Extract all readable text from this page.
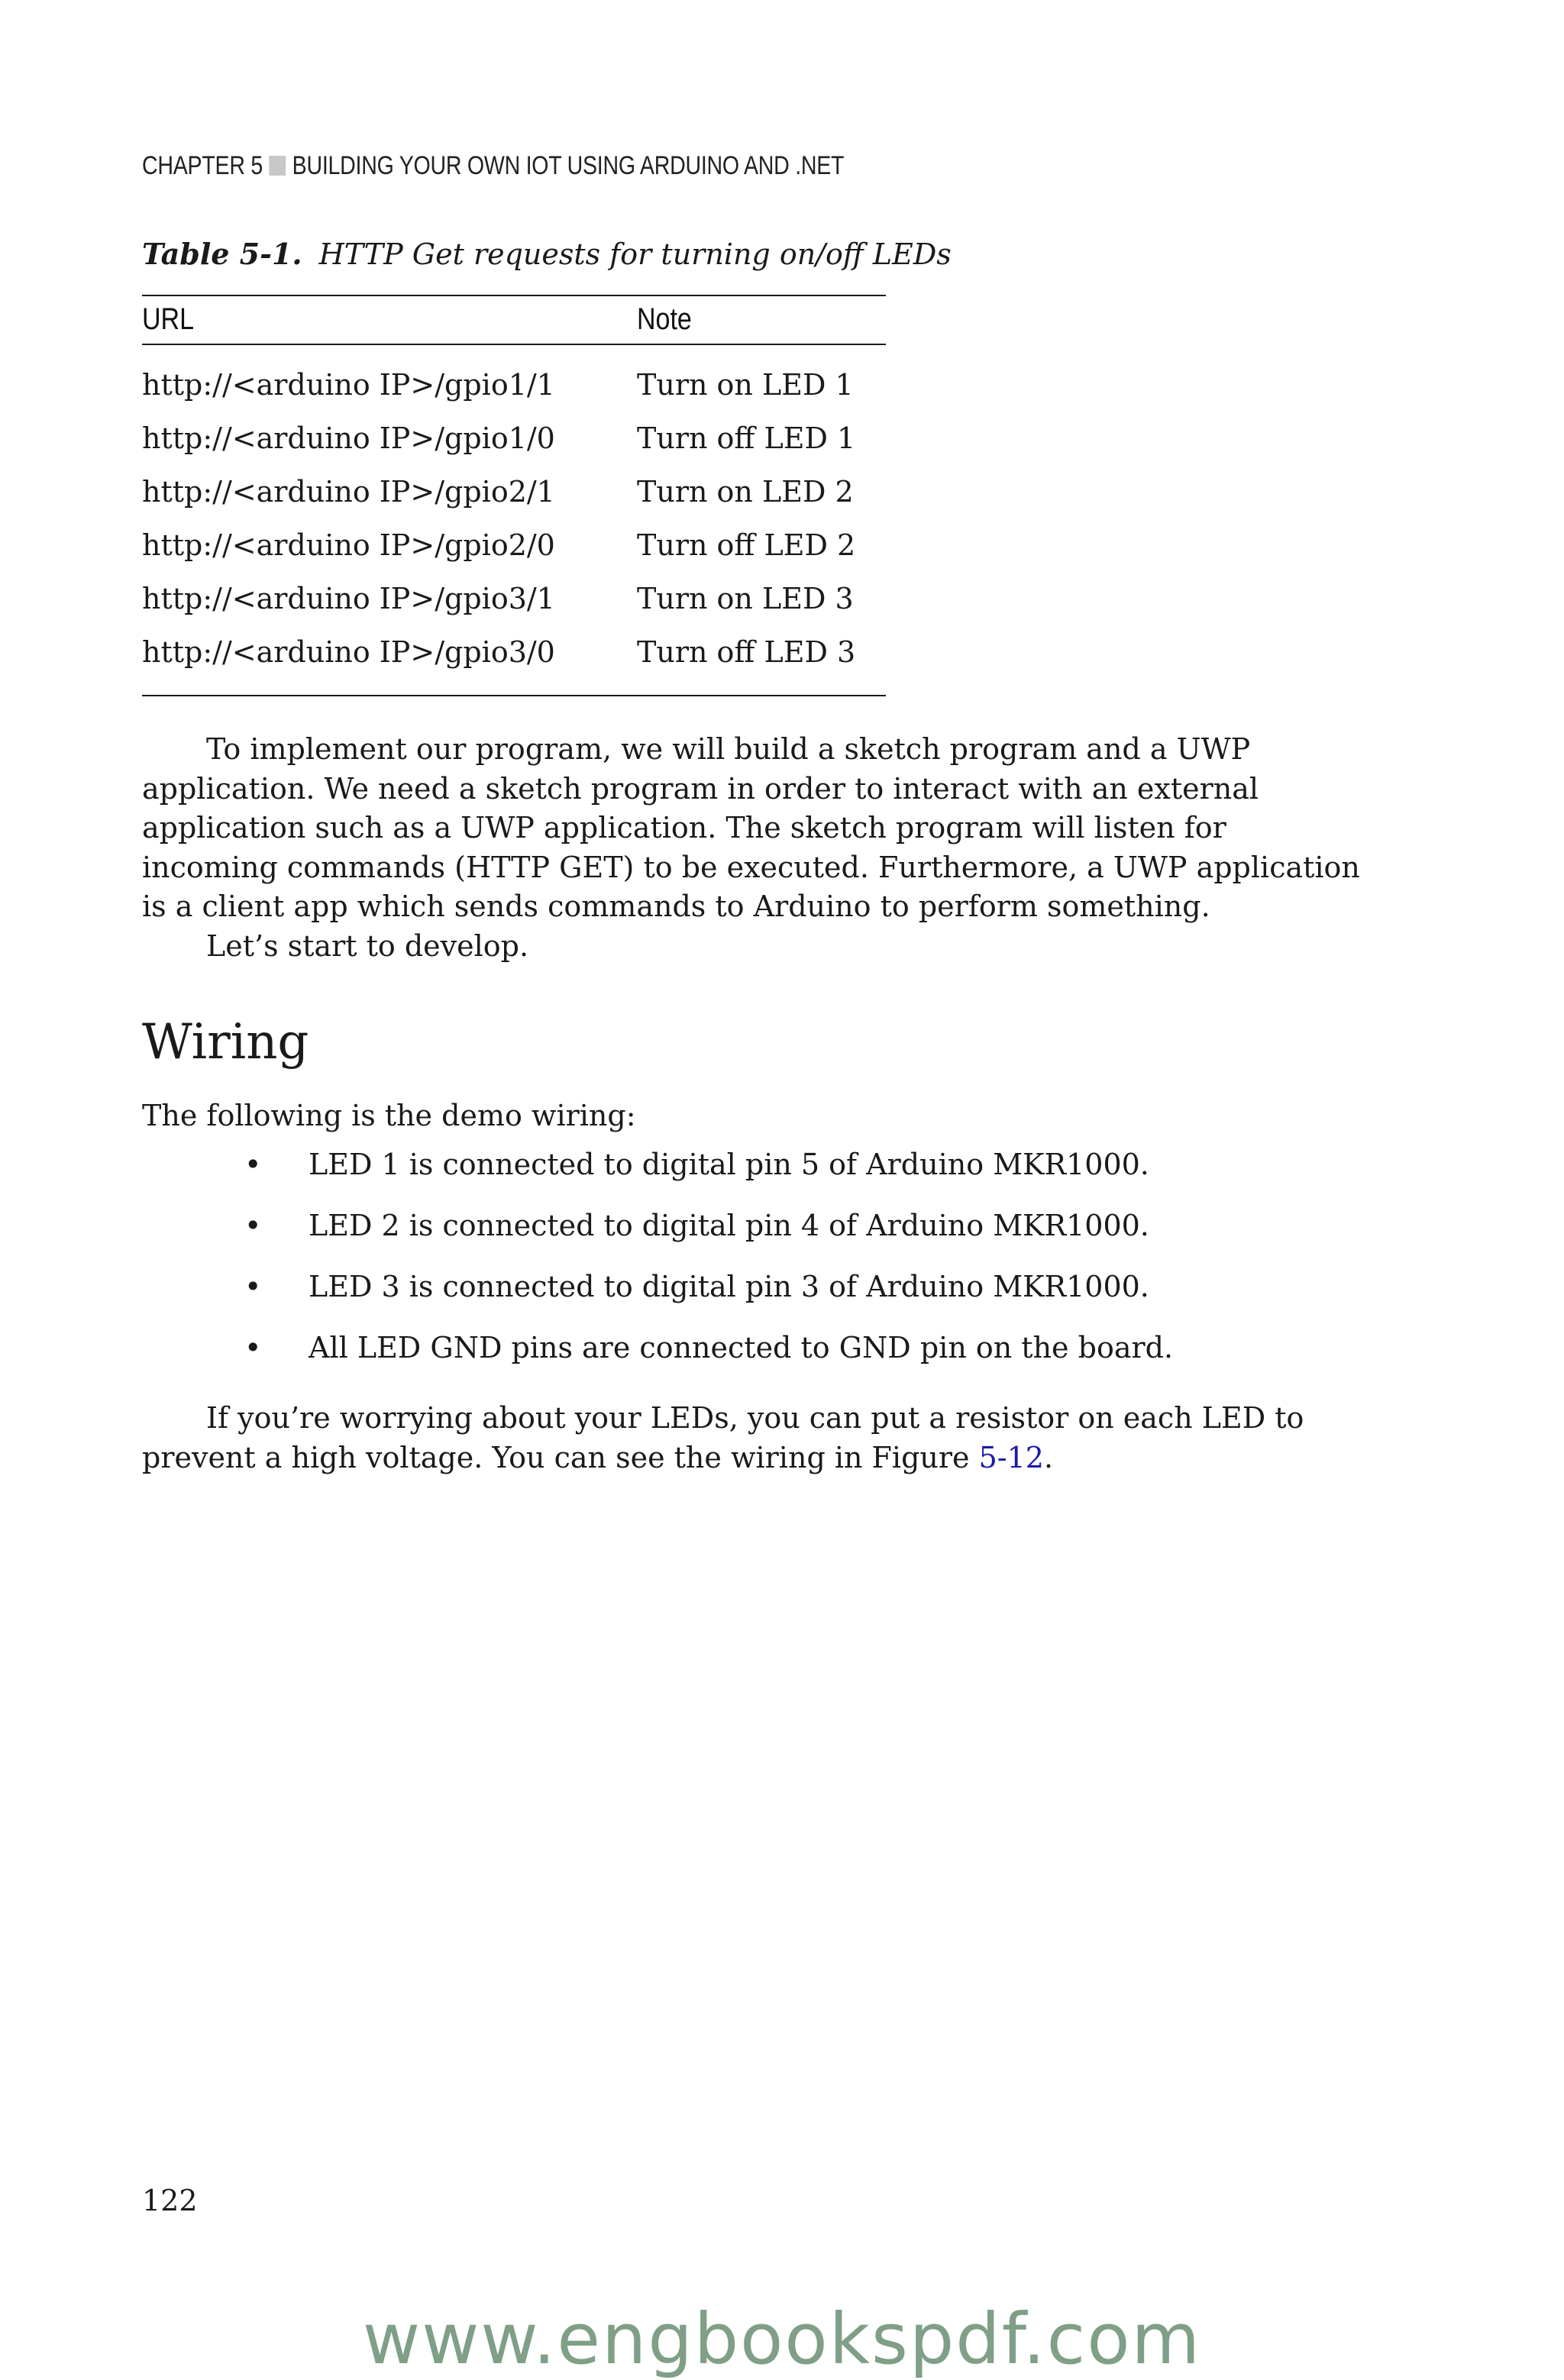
CHAPTER 5 BUILDING YOUR OWN IOT USING ARDUINO AND .NET
Table 5-1. HTTP Get requests for turning on/off LEDs
URL	Note
http://<arduino IP>/gpio1/1	Turn on LED 1
http://<arduino IP>/gpio1/0	Turn off LED 1
http://<arduino IP>/gpio2/1	Turn on LED 2
http://<arduino IP>/gpio2/0	Turn off LED 2
http://<arduino IP>/gpio3/1	Turn on LED 3
http://<arduino IP>/gpio3/0	Turn off LED 3

To implement our program, we will build a sketch program and a UWP application. We need a sketch program in order to interact with an external application such as a UWP application. The sketch program will listen for incoming commands (HTTP GET) to be executed. Furthermore, a UWP application is a client app which sends commands to Arduino to perform something.

Let’s start to develop.

Wiring

The following is the demo wiring:

• LED 1 is connected to digital pin 5 of Arduino MKR1000.
• LED 2 is connected to digital pin 4 of Arduino MKR1000.
• LED 3 is connected to digital pin 3 of Arduino MKR1000.
• All LED GND pins are connected to GND pin on the board.

If you’re worrying about your LEDs, you can put a resistor on each LED to prevent a high voltage. You can see the wiring in Figure 5-12.

122
www.engbookspdf.com
